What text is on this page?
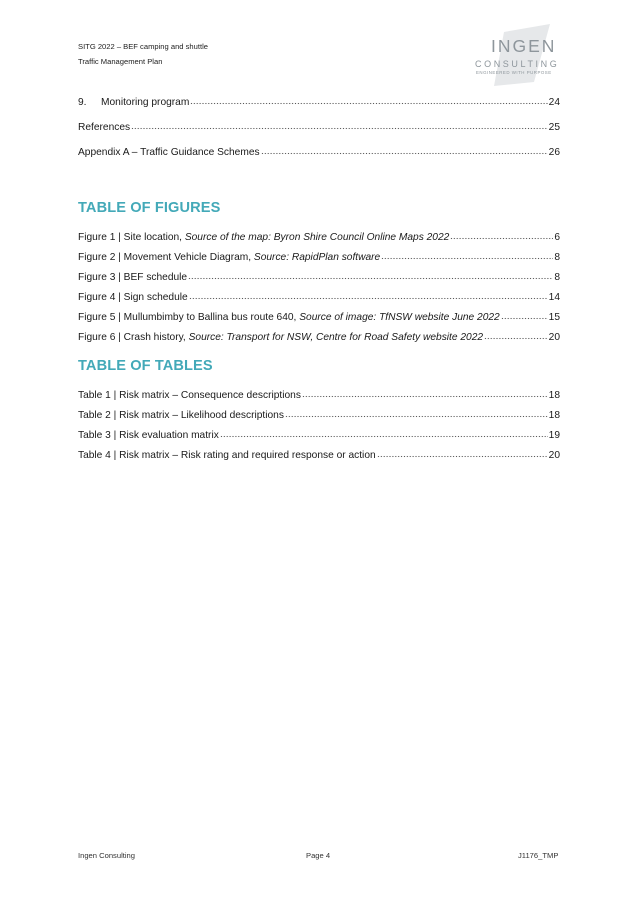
SITG 2022 – BEF camping and shuttle
Traffic Management Plan
INGEN
CONSULTING
ENGINEERED WITH PURPOSE
9. Monitoring program	24
References	25
Appendix A – Traffic Guidance Schemes	26
TABLE OF FIGURES
Figure 1 | Site location, Source of the map: Byron Shire Council Online Maps 2022	6
Figure 2 | Movement Vehicle Diagram, Source: RapidPlan software	8
Figure 3 | BEF schedule	8
Figure 4 | Sign schedule	14
Figure 5 | Mullumbimby to Ballina bus route 640, Source of image: TfNSW website June 2022	15
Figure 6 | Crash history, Source: Transport for NSW, Centre for Road Safety website 2022	20
TABLE OF TABLES
Table 1 | Risk matrix – Consequence descriptions	18
Table 2 | Risk matrix – Likelihood descriptions	18
Table 3 | Risk evaluation matrix	19
Table 4 | Risk matrix – Risk rating and required response or action	20
Ingen Consulting	Page 4	J1176_TMP
